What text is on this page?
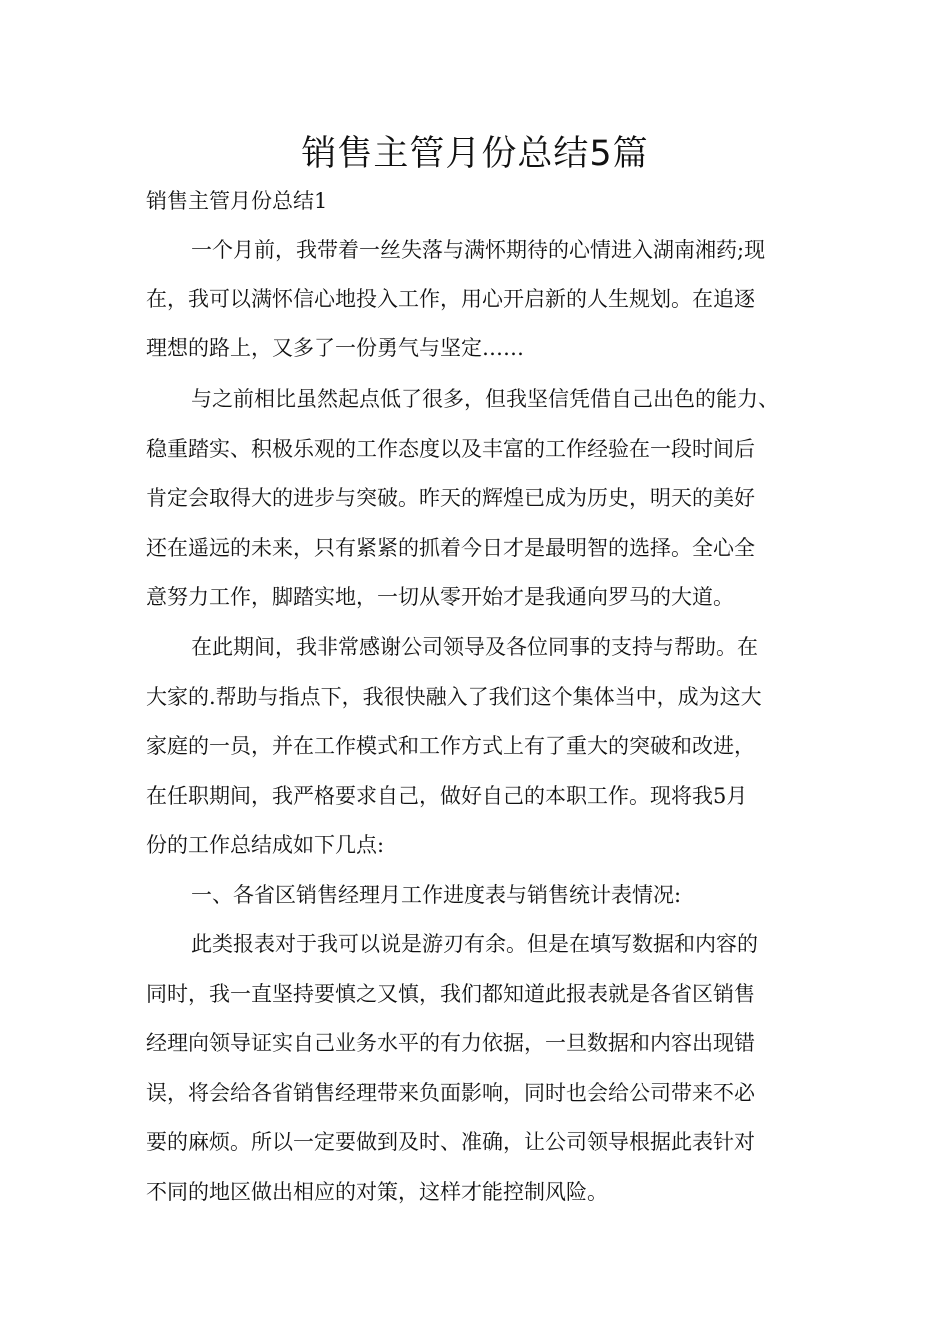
销售主管月份总结5篇

销售主管月份总结1

一个月前，我带着一丝失落与满怀期待的心情进入湖南湘药;现

在，我可以满怀信心地投入工作，用心开启新的人生规划。在追逐

理想的路上，又多了一份勇气与坚定……

与之前相比虽然起点低了很多，但我坚信凭借自己出色的能力、

稳重踏实、积极乐观的工作态度以及丰富的工作经验在一段时间后

肯定会取得大的进步与突破。昨天的辉煌已成为历史，明天的美好

还在遥远的未来，只有紧紧的抓着今日才是最明智的选择。全心全

意努力工作，脚踏实地，一切从零开始才是我通向罗马的大道。

在此期间，我非常感谢公司领导及各位同事的支持与帮助。在

大家的.帮助与指点下，我很快融入了我们这个集体当中，成为这大

家庭的一员，并在工作模式和工作方式上有了重大的突破和改进，

在任职期间，我严格要求自己，做好自己的本职工作。现将我5月

份的工作总结成如下几点:

一、各省区销售经理月工作进度表与销售统计表情况:

此类报表对于我可以说是游刃有余。但是在填写数据和内容的

同时，我一直坚持要慎之又慎，我们都知道此报表就是各省区销售

经理向领导证实自己业务水平的有力依据，一旦数据和内容出现错

误，将会给各省销售经理带来负面影响，同时也会给公司带来不必

要的麻烦。所以一定要做到及时、准确，让公司领导根据此表针对

不同的地区做出相应的对策，这样才能控制风险。
